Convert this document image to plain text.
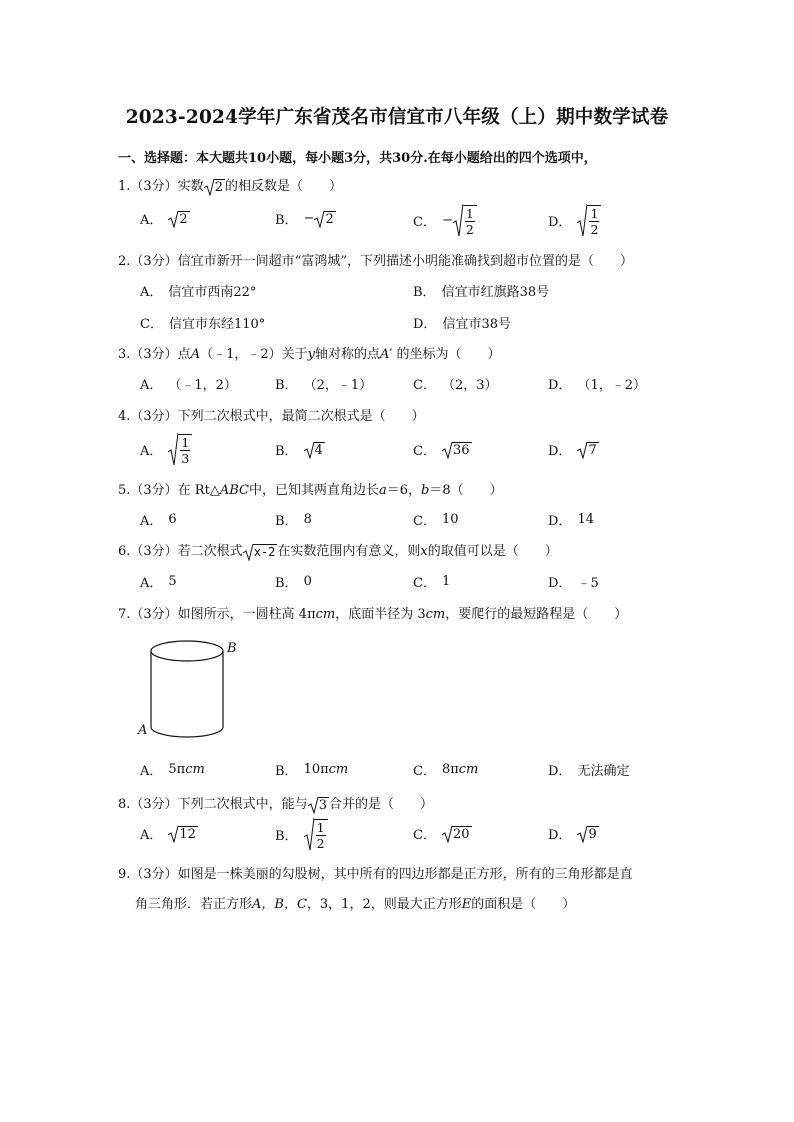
2023-2024学年广东省茂名市信宜市八年级（上）期中数学试卷
一、选择题：本大题共10小题，每小题3分，共30分.在每小题给出的四个选项中，
1.（3分）实数 2 的相反数是（　　）
A． 2	B． − 2	C． − $\frac{1}{2}$	D． $\frac{1}{2}$
2.（3分）信宜市新开一间超市“富鸿城”，下列描述小明能准确找到超市位置的是（　　）
A． 信宜市西南22°	B． 信宜市红旗路38号
C． 信宜市东经110°	D． 信宜市38号
3.（3分）点A（﹣1，﹣2）关于y轴对称的点A′ 的坐标为（　　）
A． （﹣1，2）	B． （2，﹣1）	C． （2，3）	D． （1，﹣2）
4.（3分）下列二次根式中，最简二次根式是（　　）
A． $\frac{1}{3}$	B． 4	C． 36	D． 7
5.（3分）在 Rt△ABC中，已知其两直角边长a＝6，b＝8（　　）
A． 6	B． 8	C． 10	D． 14
6.（3分）若二次根式 x-2 在实数范围内有意义，则x的取值可以是（　　）
A． 5	B． 0	C． 1	D． ﹣5
7.（3分）如图所示，一圆柱高 4πcm，底面半径为 3cm，要爬行的最短路程是（　　）
B
A
A． 5π cm	B． 10π cm	C． 8π cm	D． 无法确定
8.（3分）下列二次根式中，能与 3 合并的是（　　）
A． 12	B． $\frac{1}{2}$	C． 20	D． 9
9.（3分）如图是一株美丽的勾股树，其中所有的四边形都是正方形，所有的三角形都是直
角三角形．若正方形A，B，C，3，1，2，则最大正方形E的面积是（　　）
